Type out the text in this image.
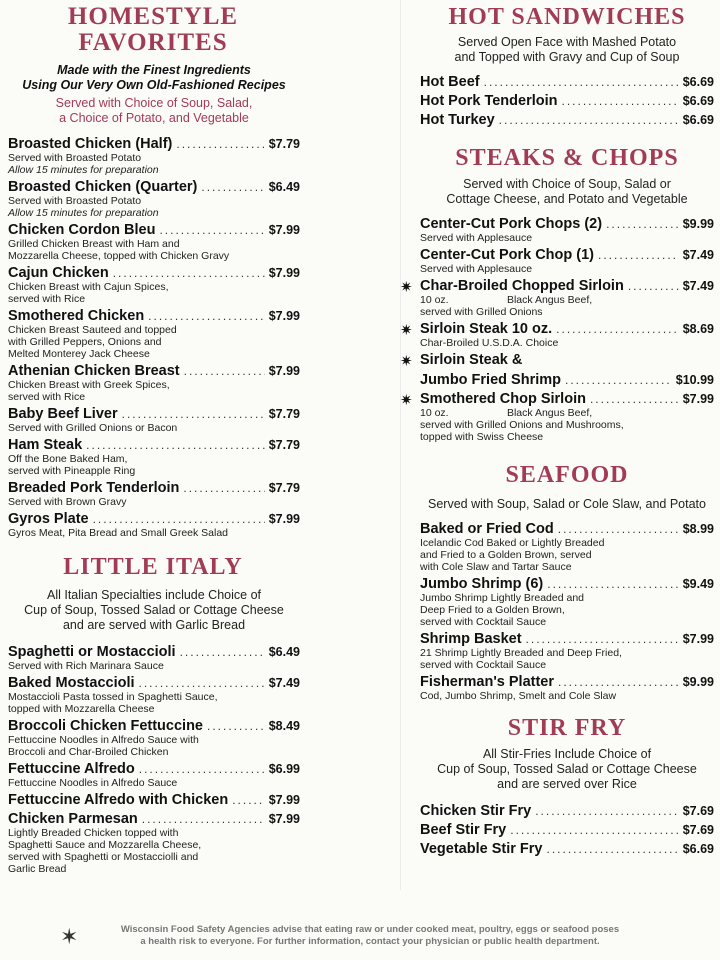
HOMESTYLE
FAVORITES
Made with the Finest Ingredients
Using Our Very Own Old-Fashioned Recipes
Served with Choice of Soup, Salad,
a Choice of Potato, and Vegetable
Broasted Chicken (Half) .....	$7.79
Served with Broasted Potato
Allow 15 minutes for preparation
Broasted Chicken (Quarter) .....	$6.49
Served with Broasted Potato
Allow 15 minutes for preparation
Chicken Cordon Bleu .....	$7.99
Grilled Chicken Breast with Ham and
Mozzarella Cheese, topped with Chicken Gravy
Cajun Chicken .....	$7.99
Chicken Breast with Cajun Spices,
served with Rice
Smothered Chicken .....	$7.99
Chicken Breast Sauteed and topped
with Grilled Peppers, Onions and
Melted Monterey Jack Cheese
Athenian Chicken Breast .....	$7.99
Chicken Breast with Greek Spices,
served with Rice
Baby Beef Liver .....	$7.79
Served with Grilled Onions or Bacon
Ham Steak .....	$7.79
Off the Bone Baked Ham,
served with Pineapple Ring
Breaded Pork Tenderloin .....	$7.79
Served with Brown Gravy
Gyros Plate .....	$7.99
Gyros Meat, Pita Bread and Small Greek Salad
LITTLE ITALY
All Italian Specialties include Choice of
Cup of Soup, Tossed Salad or Cottage Cheese
and are served with Garlic Bread
Spaghetti or Mostaccioli .....	$6.49
Served with Rich Marinara Sauce
Baked Mostaccioli .....	$7.49
Mostaccioli Pasta tossed in Spaghetti Sauce,
topped with Mozzarella Cheese
Broccoli Chicken Fettuccine .....	$8.49
Fettuccine Noodles in Alfredo Sauce with
Broccoli and Char-Broiled Chicken
Fettuccine Alfredo .....	$6.99
Fettuccine Noodles in Alfredo Sauce
Fettuccine Alfredo with Chicken .....	$7.99
Chicken Parmesan .....	$7.99
Lightly Breaded Chicken topped with
Spaghetti Sauce and Mozzarella Cheese,
served with Spaghetti or Mostacciolli and
Garlic Bread
HOT SANDWICHES
Served Open Face with Mashed Potato
and Topped with Gravy and Cup of Soup
Hot Beef .....	$6.69
Hot Pork Tenderloin .....	$6.69
Hot Turkey .....	$6.69
STEAKS & CHOPS
Served with Choice of Soup, Salad or
Cottage Cheese, and Potato and Vegetable
Center-Cut Pork Chops (2) .....	$9.99
Served with Applesauce
Center-Cut Pork Chop (1) .....	$7.49
Served with Applesauce
✷ Char-Broiled Chopped Sirloin .....	$7.49
10 oz.                    Black Angus Beef,
served with Grilled Onions
✷ Sirloin Steak 10 oz. .....	$8.69
Char-Broiled U.S.D.A. Choice
✷ Sirloin Steak &
Jumbo Fried Shrimp .....	$10.99
✷ Smothered Chop Sirloin .....	$7.99
10 oz.                    Black Angus Beef,
served with Grilled Onions and Mushrooms,
topped with Swiss Cheese
SEAFOOD
Served with Soup, Salad or Cole Slaw, and Potato
Baked or Fried Cod .....	$8.99
Icelandic Cod Baked or Lightly Breaded
and Fried to a Golden Brown, served
with Cole Slaw and Tartar Sauce
Jumbo Shrimp (6) .....	$9.49
Jumbo Shrimp Lightly Breaded and
Deep Fried to a Golden Brown,
served with Cocktail Sauce
Shrimp Basket .....	$7.99
21 Shrimp Lightly Breaded and Deep Fried,
served with Cocktail Sauce
Fisherman's Platter .....	$9.99
Cod, Jumbo Shrimp, Smelt and Cole Slaw
STIR FRY
All Stir-Fries Include Choice of
Cup of Soup, Tossed Salad or Cottage Cheese
and are served over Rice
Chicken Stir Fry .....	$7.69
Beef Stir Fry .....	$7.69
Vegetable Stir Fry .....	$6.69
✶	Wisconsin Food Safety Agencies advise that eating raw or under cooked meat, poultry, eggs or seafood poses
a health risk to everyone. For further information, contact your physician or public health department.
